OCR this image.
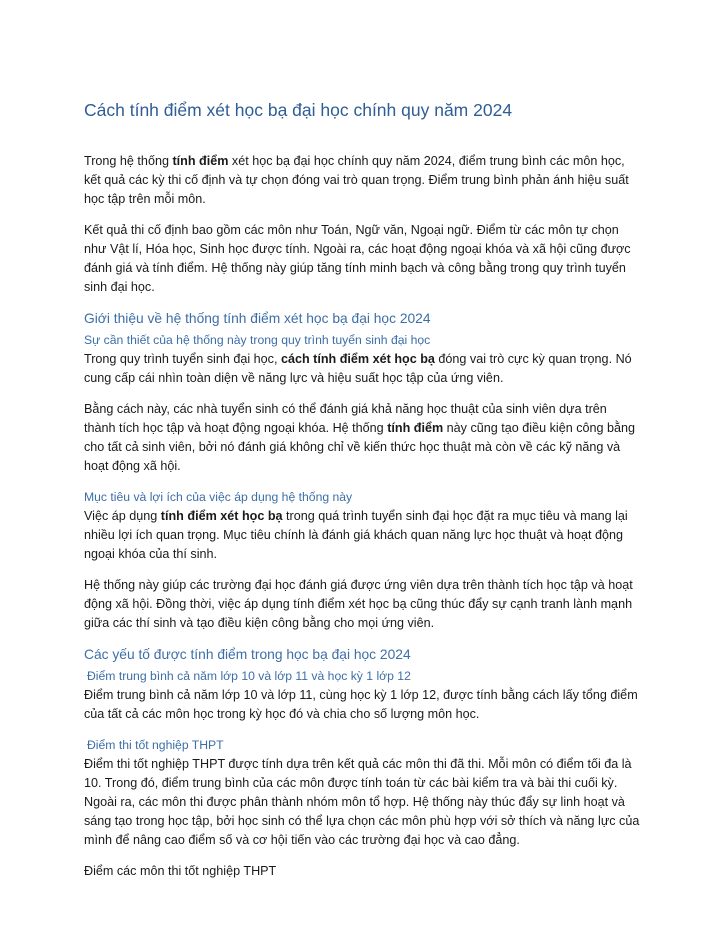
Cách tính điểm xét học bạ đại học chính quy năm 2024

Trong hệ thống tính điểm xét học bạ đại học chính quy năm 2024, điểm trung bình các môn học, kết quả các kỳ thi cố định và tự chọn đóng vai trò quan trọng. Điểm trung bình phản ánh hiệu suất học tập trên mỗi môn.

Kết quả thi cố định bao gồm các môn như Toán, Ngữ văn, Ngoại ngữ. Điểm từ các môn tự chọn như Vật lí, Hóa học, Sinh học được tính. Ngoài ra, các hoạt động ngoại khóa và xã hội cũng được đánh giá và tính điểm. Hệ thống này giúp tăng tính minh bạch và công bằng trong quy trình tuyển sinh đại học.

Giới thiệu về hệ thống tính điểm xét học bạ đại học 2024
Sự cần thiết của hệ thống này trong quy trình tuyển sinh đại học

Trong quy trình tuyển sinh đại học, cách tính điểm xét học bạ đóng vai trò cực kỳ quan trọng. Nó cung cấp cái nhìn toàn diện về năng lực và hiệu suất học tập của ứng viên.

Bằng cách này, các nhà tuyển sinh có thể đánh giá khả năng học thuật của sinh viên dựa trên thành tích học tập và hoạt động ngoại khóa. Hệ thống tính điểm này cũng tạo điều kiện công bằng cho tất cả sinh viên, bởi nó đánh giá không chỉ về kiến thức học thuật mà còn về các kỹ năng và hoạt động xã hội.

Mục tiêu và lợi ích của việc áp dụng hệ thống này

Việc áp dụng tính điểm xét học bạ trong quá trình tuyển sinh đại học đặt ra mục tiêu và mang lại nhiều lợi ích quan trọng. Mục tiêu chính là đánh giá khách quan năng lực học thuật và hoạt động ngoại khóa của thí sinh.

Hệ thống này giúp các trường đại học đánh giá được ứng viên dựa trên thành tích học tập và hoạt động xã hội. Đồng thời, việc áp dụng tính điểm xét học bạ cũng thúc đẩy sự cạnh tranh lành mạnh giữa các thí sinh và tạo điều kiện công bằng cho mọi ứng viên.

Các yếu tố được tính điểm trong học bạ đại học 2024
Điểm trung bình cả năm lớp 10 và lớp 11 và học kỳ 1 lớp 12

Điểm trung bình cả năm lớp 10 và lớp 11, cùng học kỳ 1 lớp 12, được tính bằng cách lấy tổng điểm của tất cả các môn học trong kỳ học đó và chia cho số lượng môn học.

Điểm thi tốt nghiệp THPT

Điểm thi tốt nghiệp THPT được tính dựa trên kết quả các môn thi đã thi. Mỗi môn có điểm tối đa là 10. Trong đó, điểm trung bình của các môn được tính toán từ các bài kiểm tra và bài thi cuối kỳ. Ngoài ra, các môn thi được phân thành nhóm môn tổ hợp. Hệ thống này thúc đẩy sự linh hoạt và sáng tạo trong học tập, bởi học sinh có thể lựa chọn các môn phù hợp với sở thích và năng lực của mình để nâng cao điểm số và cơ hội tiến vào các trường đại học và cao đẳng.

Điểm các môn thi tốt nghiệp THPT
